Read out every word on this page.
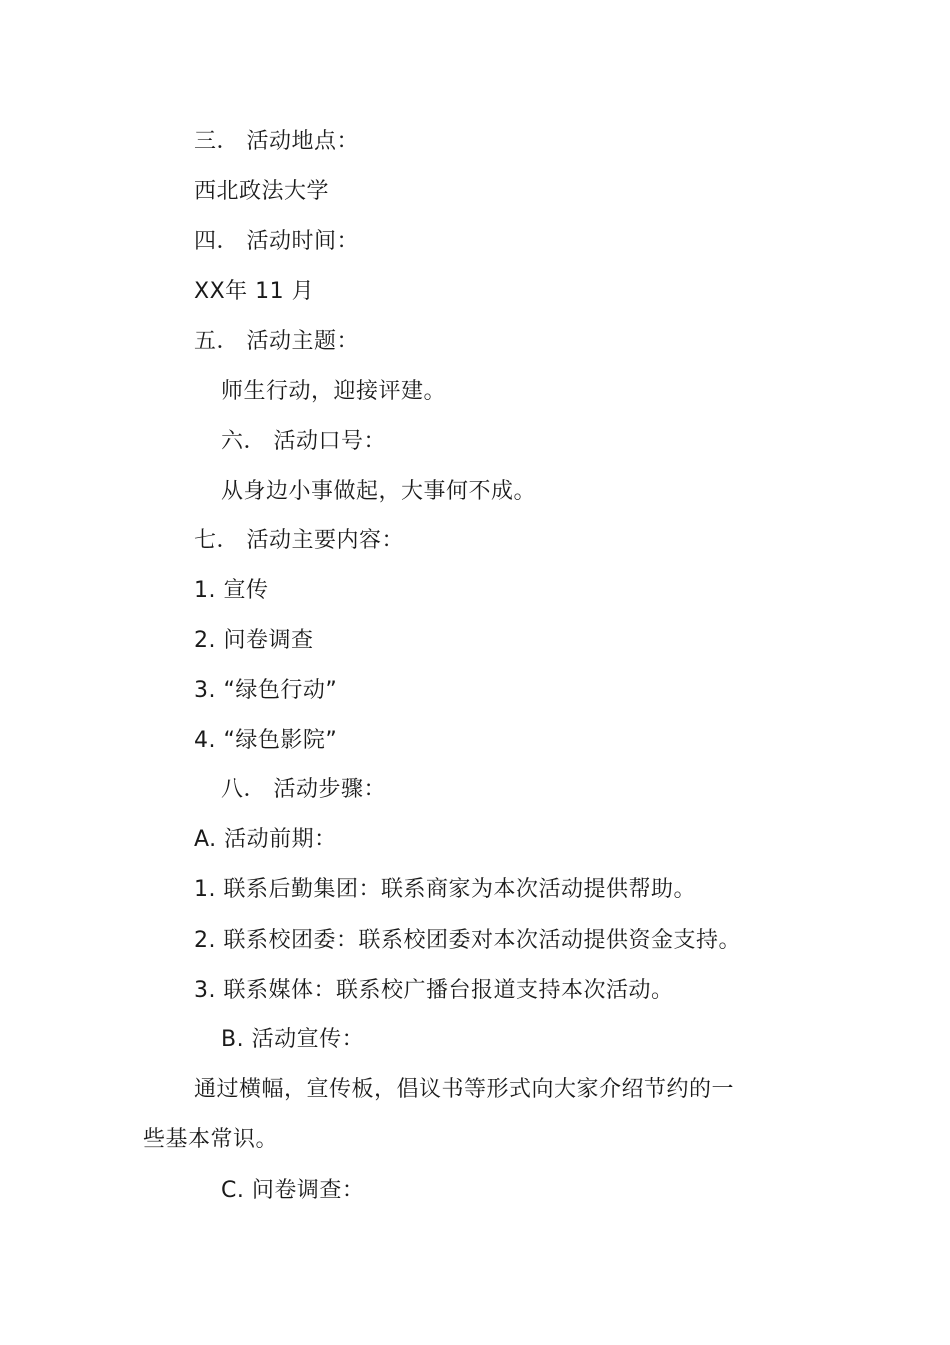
三． 活动地点：
西北政法大学
四． 活动时间：
XX年 11 月
五． 活动主题：
师生行动，迎接评建。
六． 活动口号：
从身边小事做起，大事何不成。
七． 活动主要内容：
1. 宣传
2. 问卷调查
3. “绿色行动”
4. “绿色影院”
八． 活动步骤：
A. 活动前期：
1. 联系后勤集团：联系商家为本次活动提供帮助。
2. 联系校团委：联系校团委对本次活动提供资金支持。
3. 联系媒体：联系校广播台报道支持本次活动。
B. 活动宣传：
通过横幅，宣传板，倡议书等形式向大家介绍节约的一
些基本常识。
C. 问卷调查：
